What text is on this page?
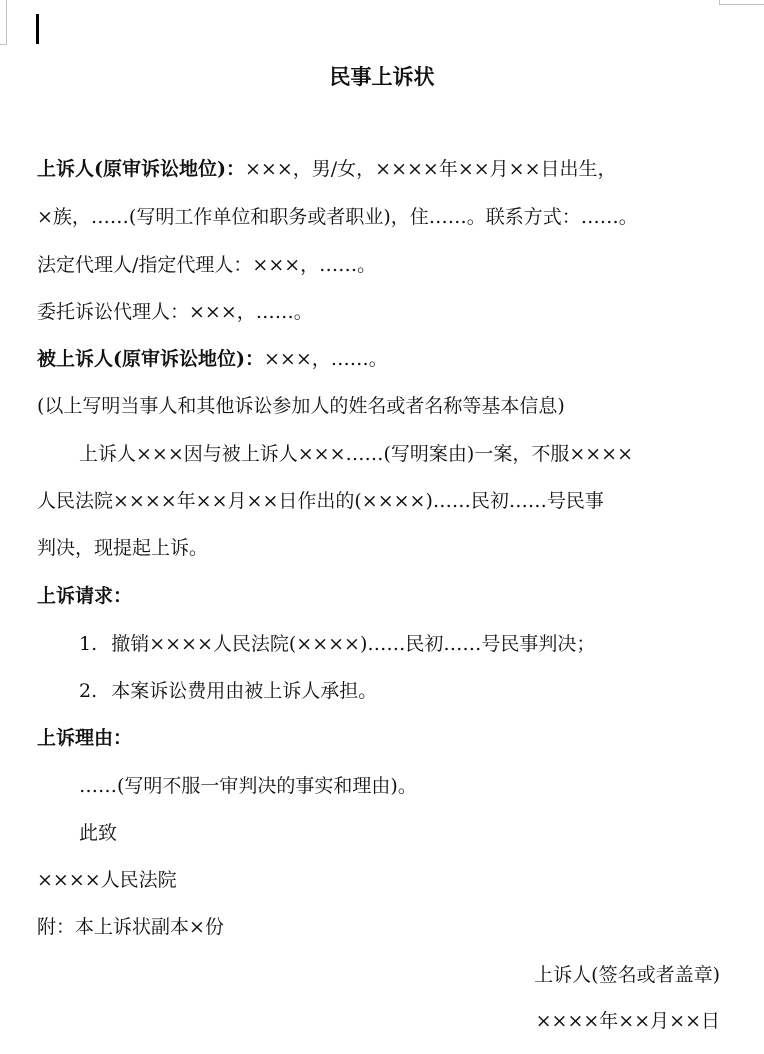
民事上诉状
上诉人(原审诉讼地位)：×××，男/女，××××年××月××日出生，
×族，……(写明工作单位和职务或者职业)，住……。联系方式：……。
法定代理人/指定代理人：×××，……。
委托诉讼代理人：×××，……。
被上诉人(原审诉讼地位)：×××，……。
(以上写明当事人和其他诉讼参加人的姓名或者名称等基本信息)
上诉人×××因与被上诉人×××……(写明案由)一案，不服××××
人民法院××××年××月××日作出的(××××)……民初……号民事
判决，现提起上诉。
上诉请求：
1. 撤销××××人民法院(××××)……民初……号民事判决；
2. 本案诉讼费用由被上诉人承担。
上诉理由：
……(写明不服一审判决的事实和理由)。
此致
××××人民法院
附：本上诉状副本×份
上诉人(签名或者盖章)
××××年××月××日
